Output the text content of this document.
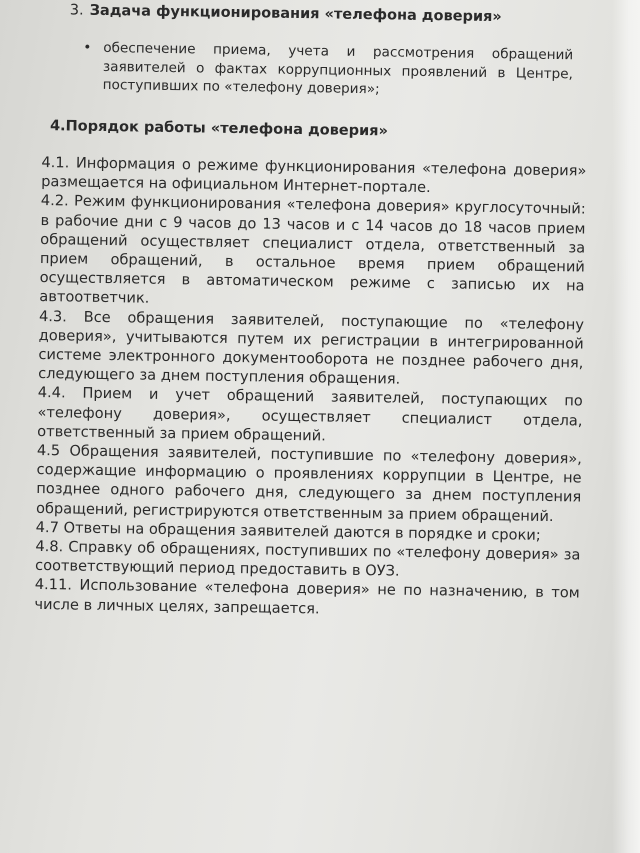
3. Задача функционирования «телефона доверия»
• обеспечение приема, учета и рассмотрения обращений заявителей о фактах коррупционных проявлений в Центре, поступивших по «телефону доверия»;
4.Порядок работы «телефона доверия»

4.1. Информация о режиме функционирования «телефона доверия» размещается на официальном Интернет-портале.

4.2. Режим функционирования «телефона доверия» круглосуточный: в рабочие дни с 9 часов до 13 часов и с 14 часов до 18 часов прием обращений осуществляет специалист отдела, ответственный за прием обращений, в остальное время прием обращений осуществляется в автоматическом режиме с записью их на автоответчик.

4.3. Все обращения заявителей, поступающие по «телефону доверия», учитываются путем их регистрации в интегрированной системе электронного документооборота не позднее рабочего дня, следующего за днем поступления обращения.

4.4. Прием и учет обращений заявителей, поступающих по «телефону доверия», осуществляет специалист отдела, ответственный за прием обращений.

4.5 Обращения заявителей, поступившие по «телефону доверия», содержащие информацию о проявлениях коррупции в Центре, не позднее одного рабочего дня, следующего за днем поступления обращений, регистрируются ответственным за прием обращений.

4.7 Ответы на обращения заявителей даются в порядке и сроки;

4.8. Справку об обращениях, поступивших по «телефону доверия» за соответствующий период предоставить в ОУЗ.

4.11. Использование «телефона доверия» не по назначению, в том числе в личных целях, запрещается.
